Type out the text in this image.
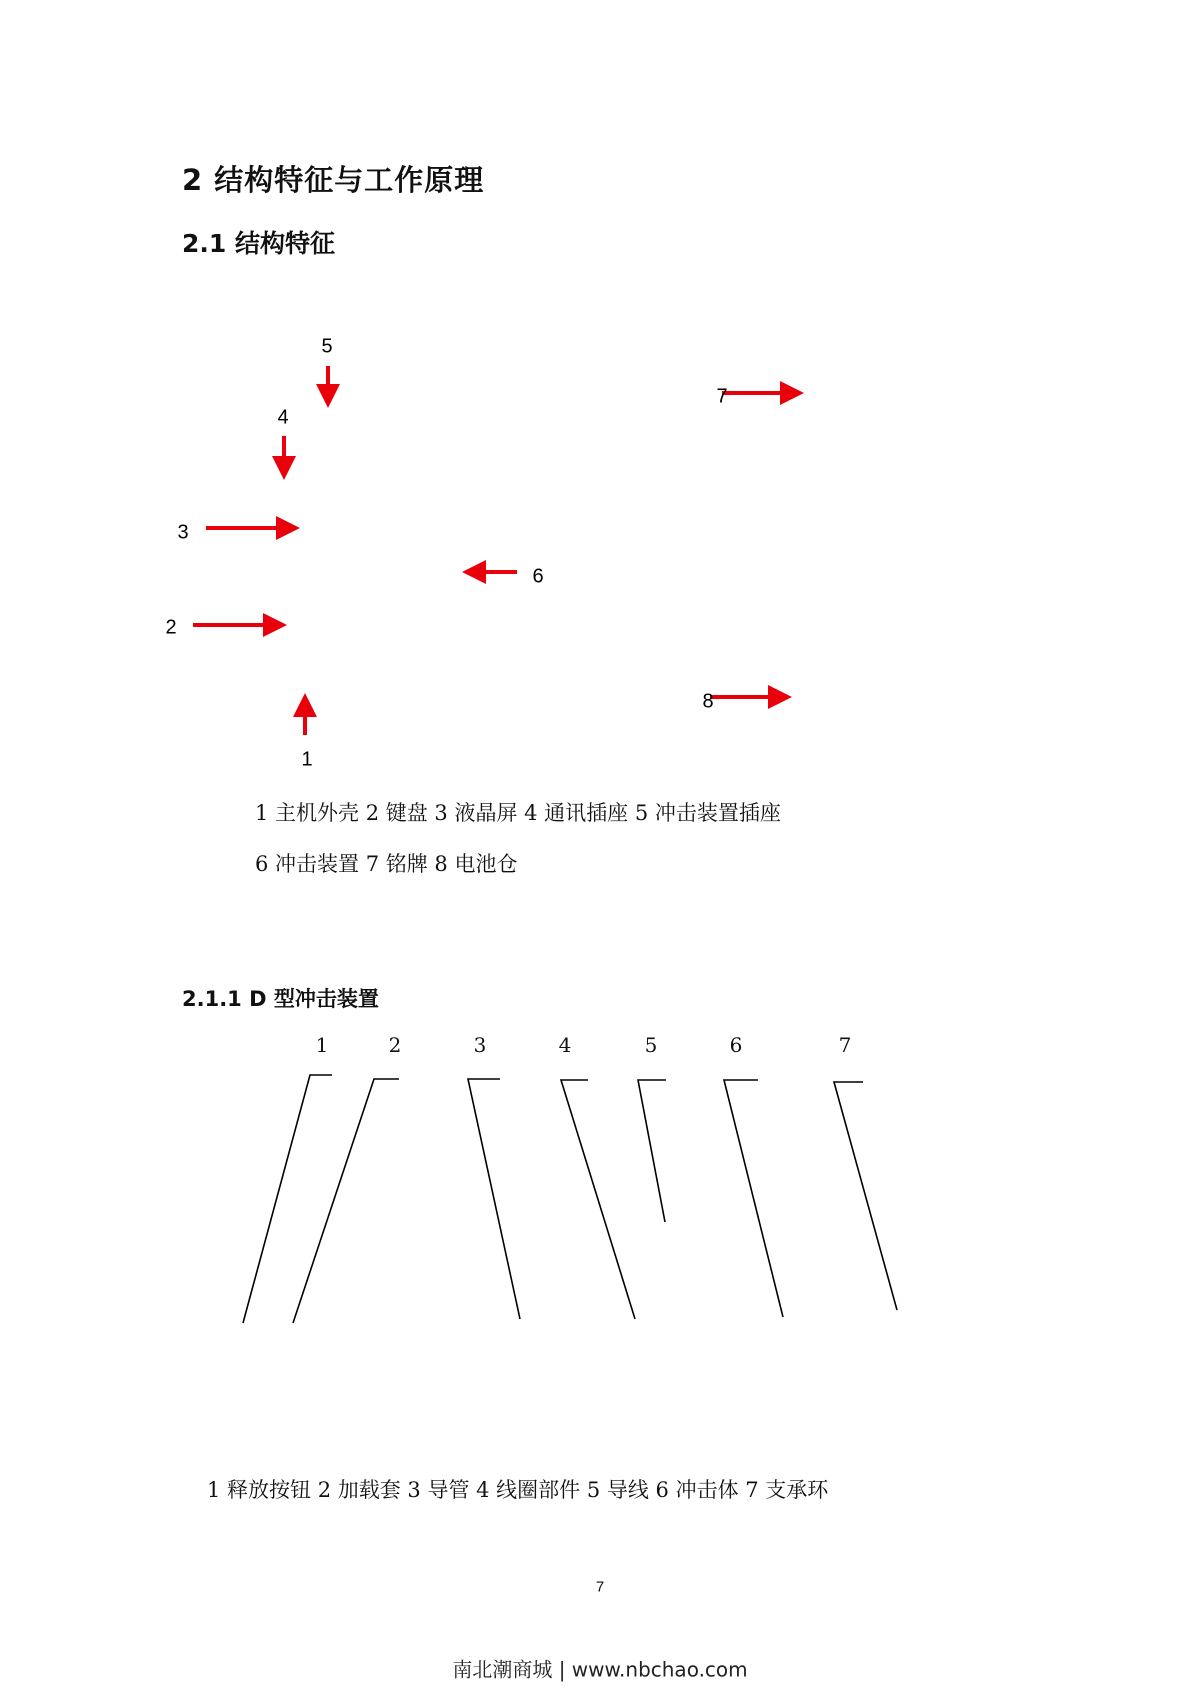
2 结构特征与工作原理
2.1 结构特征
5
4
3
6
2
1
7
8
1 主机外壳 2 键盘 3 液晶屏 4 通讯插座 5 冲击装置插座
6 冲击装置 7 铭牌 8 电池仓
2.1.1 D 型冲击装置
1	2	3	4	5	6	7
1 释放按钮 2 加载套 3 导管 4 线圈部件 5 导线 6 冲击体 7 支承环
7
南北潮商城 | www.nbchao.com
